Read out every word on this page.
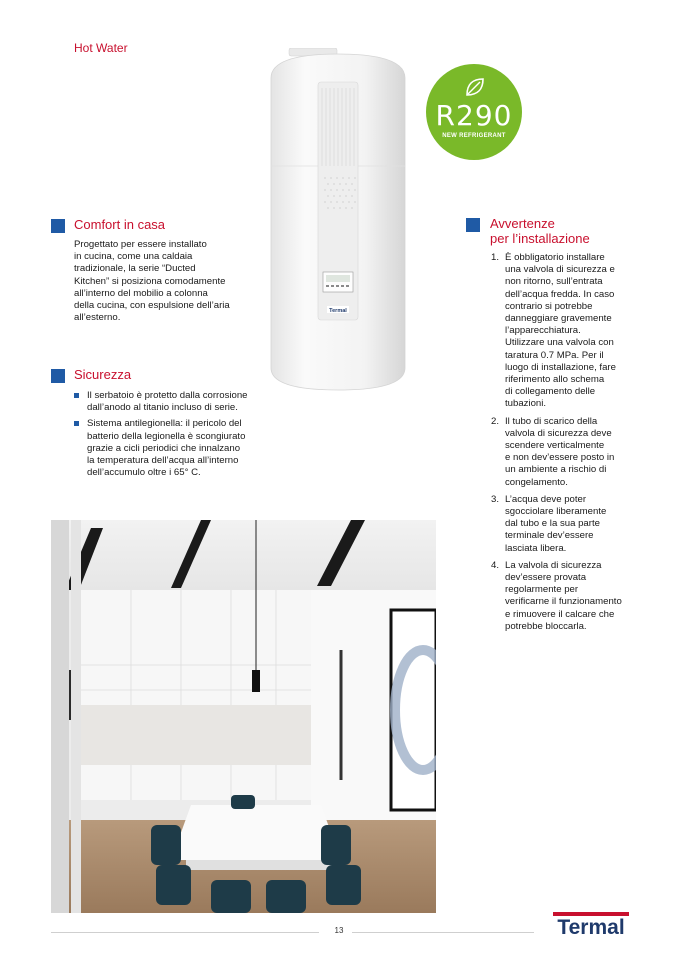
Hot Water
Termal
R290
NEW REFRIGERANT
Comfort in casa
Progettato per essere installato
in cucina, come una caldaia
tradizionale, la serie “Ducted
Kitchen” si posiziona comodamente
all’interno del mobilio a colonna
della cucina, con espulsione dell’aria
all’esterno.
Sicurezza
Il serbatoio è protetto dalla corrosione
dall’anodo al titanio incluso di serie.
Sistema antilegionella: il pericolo del
batterio della legionella è scongiurato
grazie a cicli periodici che innalzano
la temperatura dell’acqua all’interno
dell’accumulo oltre i 65° C.
Avvertenze
per l’installazione
1. È obbligatorio installare
una valvola di sicurezza e
non ritorno, sull’entrata
dell’acqua fredda. In caso
contrario si potrebbe
danneggiare gravemente
l’apparecchiatura.
Utilizzare una valvola con
taratura 0.7 MPa. Per il
luogo di installazione, fare
riferimento allo schema
di collegamento delle
tubazioni.
2. Il tubo di scarico della
valvola di sicurezza deve
scendere verticalmente
e non dev’essere posto in
un ambiente a rischio di
congelamento.
3. L’acqua deve poter
sgocciolare liberamente
dal tubo e la sua parte
terminale dev’essere
lasciata libera.
4. La valvola di sicurezza
dev’essere provata
regolarmente per
verificarne il funzionamento
e rimuovere il calcare che
potrebbe bloccarla.
13	Termal
